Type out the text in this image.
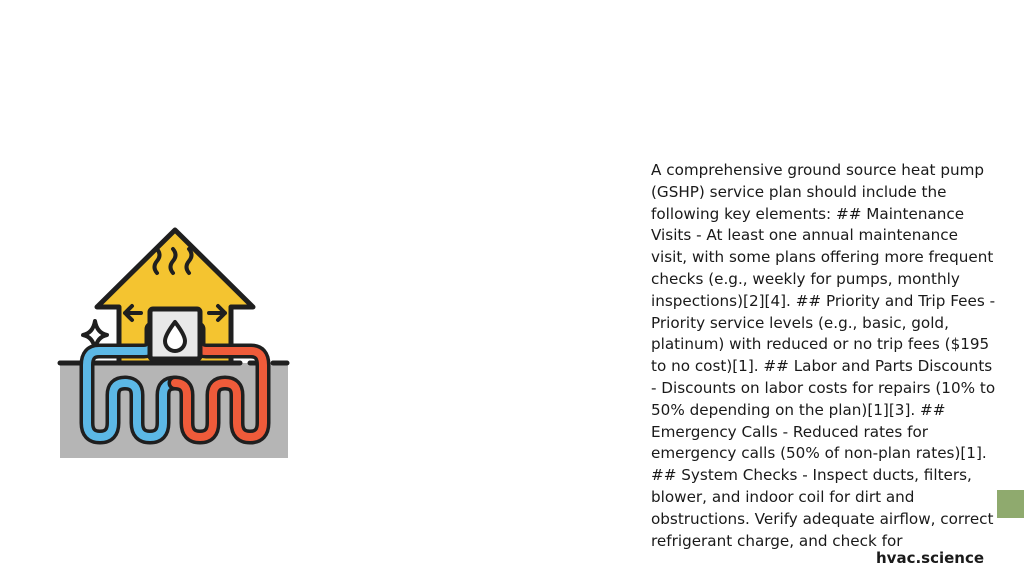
A comprehensive ground source heat pump (GSHP) service plan should include the following key elements: ## Maintenance Visits - At least one annual maintenance visit, with some plans offering more frequent checks (e.g., weekly for pumps, monthly inspections)[2][4]. ## Priority and Trip Fees - Priority service levels (e.g., basic, gold, platinum) with reduced or no trip fees ($195 to no cost)[1]. ## Labor and Parts Discounts - Discounts on labor costs for repairs (10% to 50% depending on the plan)[1][3]. ## Emergency Calls - Reduced rates for emergency calls (50% of non-plan rates)[1]. ## System Checks - Inspect ducts, filters, blower, and indoor coil for dirt and obstructions. Verify adequate airflow, correct refrigerant charge, and check for
hvac.science
